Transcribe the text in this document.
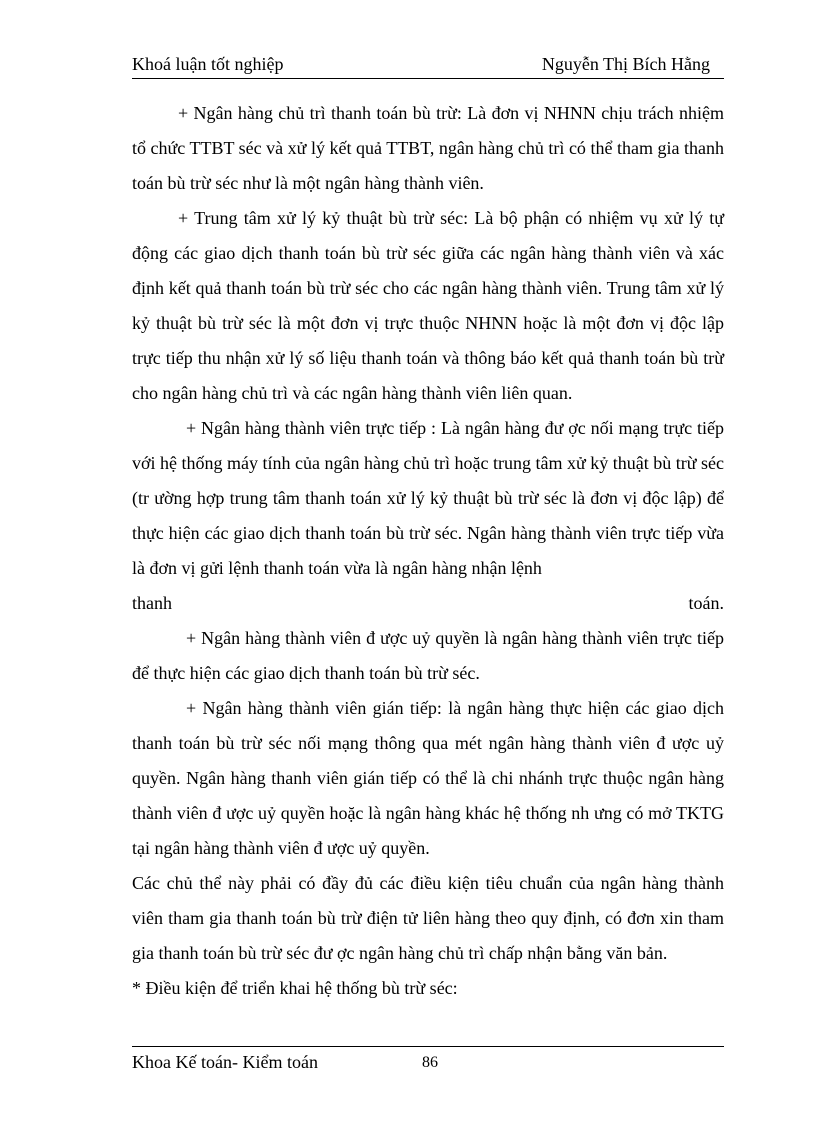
Khoá luận tốt nghiệp	Nguyễn Thị Bích Hằng

+ Ngân hàng chủ trì thanh toán bù trừ: Là đơn vị NHNN chịu trách nhiệm tổ chức TTBT séc và xử lý kết quả TTBT, ngân hàng chủ trì có thể tham gia thanh toán bù trừ séc như là một ngân hàng thành viên.

+ Trung tâm xử lý kỷ thuật bù trừ séc: Là bộ phận có nhiệm vụ xử lý tự động các giao dịch thanh toán bù trừ séc giữa các ngân hàng thành viên và xác định kết quả thanh toán bù trừ séc cho các ngân hàng thành viên. Trung tâm xử lý kỷ thuật bù trừ séc là một đơn vị trực thuộc NHNN hoặc là một đơn vị độc lập trực tiếp thu nhận xử lý số liệu thanh toán và thông báo kết quả thanh toán bù trừ cho ngân hàng chủ trì và các ngân hàng thành viên liên quan.

+ Ngân hàng thành viên trực tiếp : Là ngân hàng đư ợc nối mạng trực tiếp với hệ thống máy tính của ngân hàng chủ trì hoặc trung tâm xử kỷ thuật bù trừ séc (tr ường hợp trung tâm thanh toán xử lý kỷ thuật bù trừ séc là đơn vị độc lập) để thực hiện các giao dịch thanh toán bù trừ séc. Ngân hàng thành viên trực tiếp vừa là đơn vị gửi lệnh thanh toán vừa là ngân hàng nhận lệnh

thanh	toán.

+ Ngân hàng thành viên đ ược uỷ quyền là ngân hàng thành viên trực tiếp để thực hiện các giao dịch thanh toán bù trừ séc.

+ Ngân hàng thành viên gián tiếp: là ngân hàng thực hiện các giao dịch thanh toán bù trừ séc nối mạng thông qua mét ngân hàng thành viên đ ược uỷ quyền. Ngân hàng thanh viên gián tiếp có thể là chi nhánh trực thuộc ngân hàng thành viên đ ược uỷ quyền hoặc là ngân hàng khác hệ thống nh ưng có mở TKTG tại ngân hàng thành viên đ ược uỷ quyền.

Các chủ thể này phải có đầy đủ các điều kiện tiêu chuẩn của ngân hàng thành viên tham gia thanh toán bù trừ điện tử liên hàng theo quy định, có đơn xin tham gia thanh toán bù trừ séc đư ợc ngân hàng chủ trì chấp nhận bằng văn bản.

* Điều kiện để triển khai hệ thống bù trừ séc:

Khoa Kế toán- Kiểm toán	86
